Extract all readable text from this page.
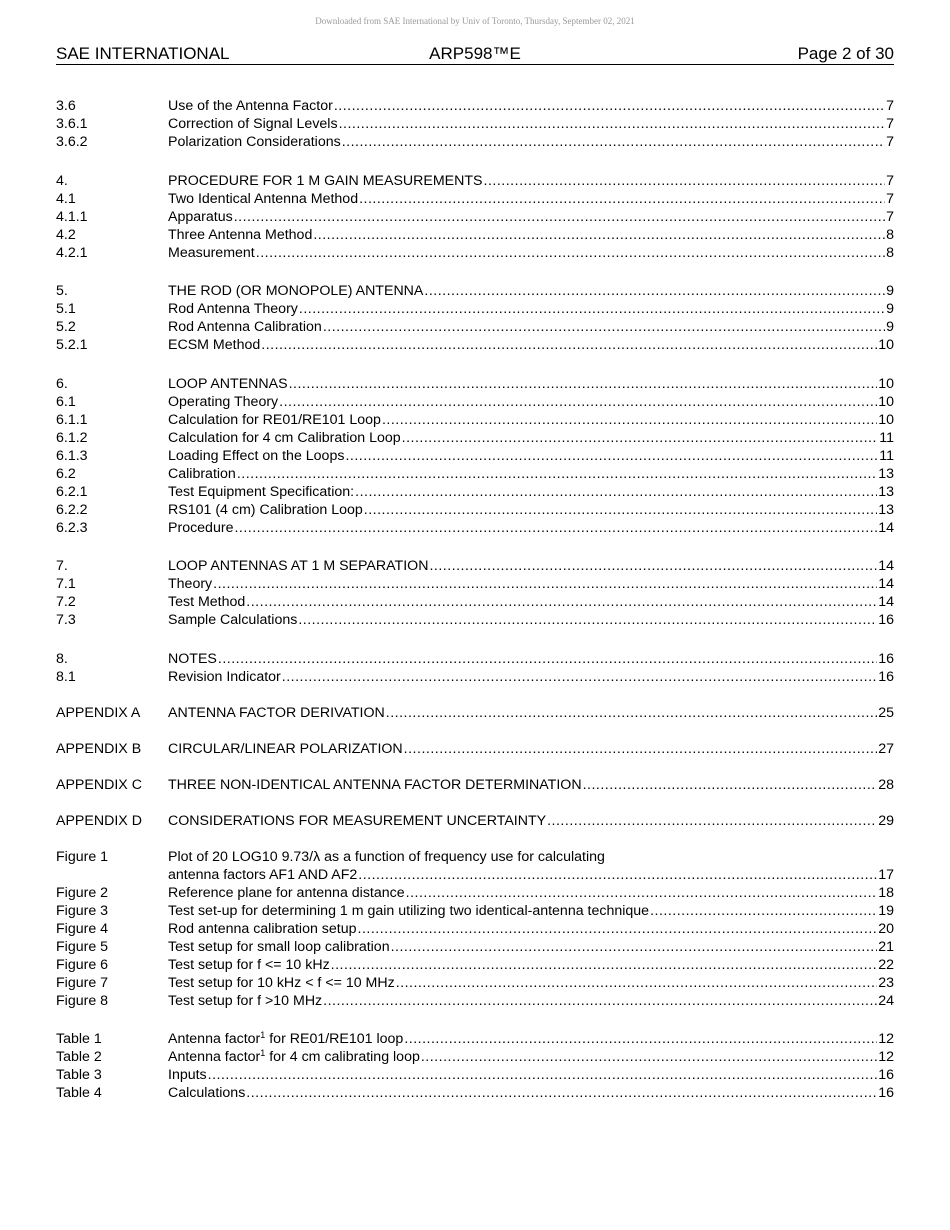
Downloaded from SAE International by Univ of Toronto, Thursday, September 02, 2021
SAE INTERNATIONAL	ARP598™E	Page 2 of 30
3.6	Use of the Antenna Factor .....	7
3.6.1	Correction of Signal Levels .....	7
3.6.2	Polarization Considerations .....	7
4.	PROCEDURE FOR 1 M GAIN MEASUREMENTS .....	7
4.1	Two Identical Antenna Method .....	7
4.1.1	Apparatus .....	7
4.2	Three Antenna Method .....	8
4.2.1	Measurement .....	8
5.	THE ROD (OR MONOPOLE) ANTENNA .....	9
5.1	Rod Antenna Theory .....	9
5.2	Rod Antenna Calibration .....	9
5.2.1	ECSM Method .....	10
6.	LOOP ANTENNAS .....	10
6.1	Operating Theory .....	10
6.1.1	Calculation for RE01/RE101 Loop .....	10
6.1.2	Calculation for 4 cm Calibration Loop .....	11
6.1.3	Loading Effect on the Loops .....	11
6.2	Calibration .....	13
6.2.1	Test Equipment Specification: .....	13
6.2.2	RS101 (4 cm) Calibration Loop .....	13
6.2.3	Procedure .....	14
7.	LOOP ANTENNAS AT 1 M SEPARATION .....	14
7.1	Theory .....	14
7.2	Test Method .....	14
7.3	Sample Calculations .....	16
8.	NOTES .....	16
8.1	Revision Indicator .....	16
APPENDIX A ANTENNA FACTOR DERIVATION .....	25
APPENDIX B CIRCULAR/LINEAR POLARIZATION .....	27
APPENDIX C THREE NON-IDENTICAL ANTENNA FACTOR DETERMINATION .....	28
APPENDIX D CONSIDERATIONS FOR MEASUREMENT UNCERTAINTY .....	29
Figure 1	Plot of 20 LOG10 9.73/λ as a function of frequency use for calculating
antenna factors AF1 AND AF2 .....	17
Figure 2	Reference plane for antenna distance .....	18
Figure 3	Test set-up for determining 1 m gain utilizing two identical-antenna technique .....	19
Figure 4	Rod antenna calibration setup .....	20
Figure 5	Test setup for small loop calibration .....	21
Figure 6	Test setup for f <= 10 kHz .....	22
Figure 7	Test setup for 10 kHz < f <= 10 MHz .....	23
Figure 8	Test setup for f >10 MHz .....	24
Table 1	Antenna factor$^1$ for RE01/RE101 loop .....	12
Table 2	Antenna factor$^1$ for 4 cm calibrating loop .....	12
Table 3	Inputs .....	16
Table 4	Calculations .....	16
